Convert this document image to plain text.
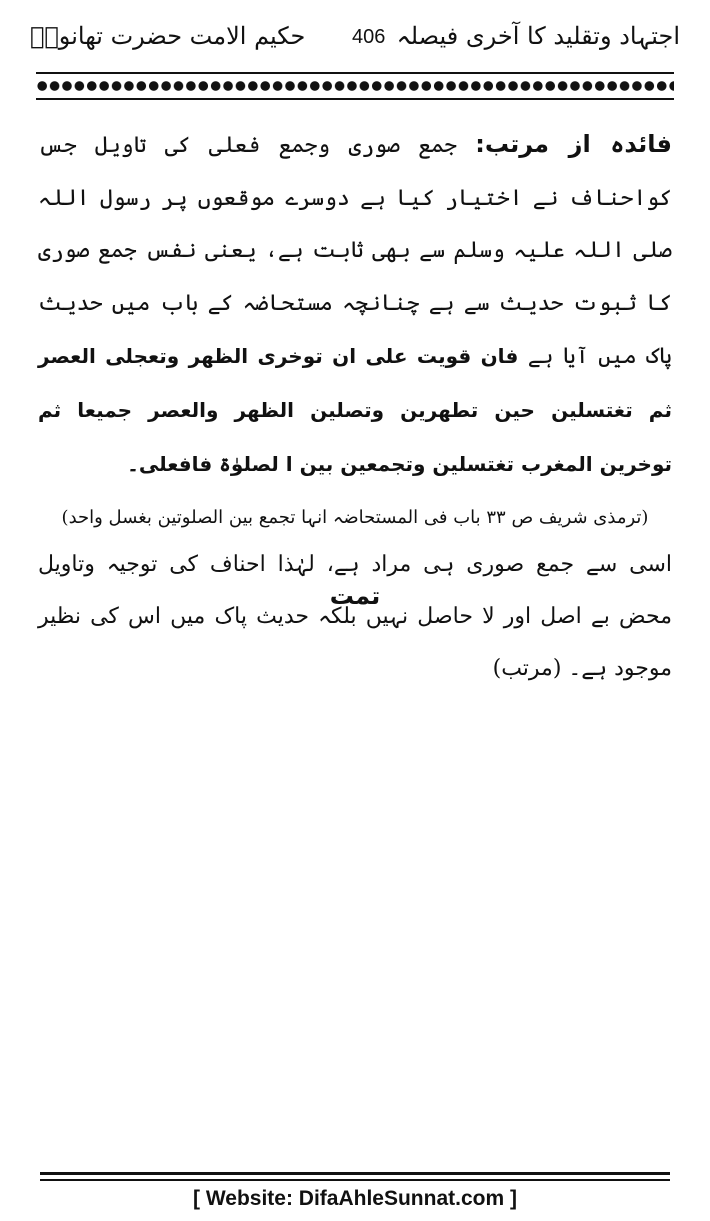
اجتہاد وتقلید کا آخری فیصلہ
406
حکیم الامت حضرت تھانویؒ

فائدہ از مرتب: جمع صوری وجمع فعلی کی تاویل جس کواحناف نے اختیار کیا ہے دوسرے موقعوں پر رسول اللہ صلی اللہ علیہ وسلم سے بھی ثابت ہے، یعنی نفس جمع صوری کا ثبوت حدیث سے ہے چنانچہ مستحاضہ کے باب میں حدیث پاک میں آیا ہے فان قویت علی ان توخری الظھر وتعجلی العصر ثم تغتسلین حین تطھرین وتصلین الظھر والعصر جمیعا ثم توخرین المغرب تغتسلین وتجمعین بین ا لصلوٰۃ فافعلی۔

(ترمذی شریف ص ۳۳ باب فی المستحاضہ انہا تجمع بین الصلوتین بغسل واحد)

اسی سے جمع صوری ہی مراد ہے، لہٰذا احناف کی توجیہ وتاویل محض بے اصل اور لا حاصل نہیں بلکہ حدیث پاک میں اس کی نظیر موجود ہے۔ (مرتب)

تمت
[ Website: DifaAhleSunnat.com ]
